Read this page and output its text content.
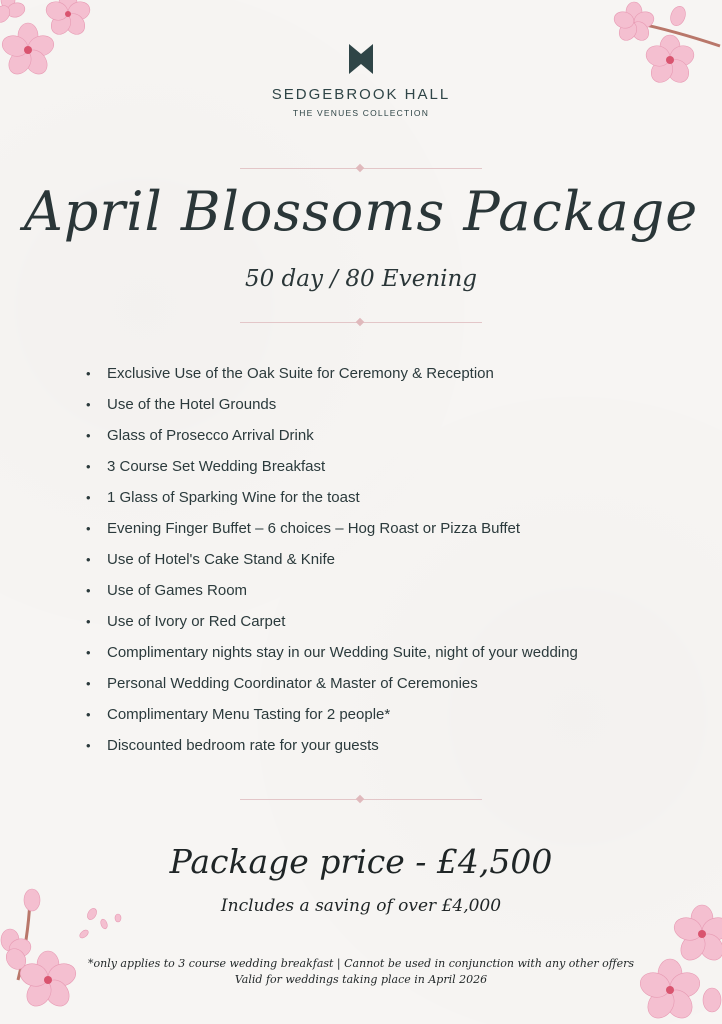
SEDGEBROOK HALL
THE VENUES COLLECTION
April Blossoms Package
50 day / 80 Evening
• Exclusive Use of the Oak Suite for Ceremony & Reception
• Use of the Hotel Grounds
• Glass of Prosecco Arrival Drink
• 3 Course Set Wedding Breakfast
• 1 Glass of Sparking Wine for the toast
• Evening Finger Buffet – 6 choices – Hog Roast or Pizza Buffet
• Use of Hotel's Cake Stand & Knife
• Use of Games Room
• Use of Ivory or Red Carpet
• Complimentary nights stay in our Wedding Suite, night of your wedding
• Personal Wedding Coordinator & Master of Ceremonies
• Complimentary Menu Tasting for 2 people*
• Discounted bedroom rate for your guests
Package price - £4,500
Includes a saving of over £4,000
*only applies to 3 course wedding breakfast | Cannot be used in conjunction with any other offers
Valid for weddings taking place in April 2026
